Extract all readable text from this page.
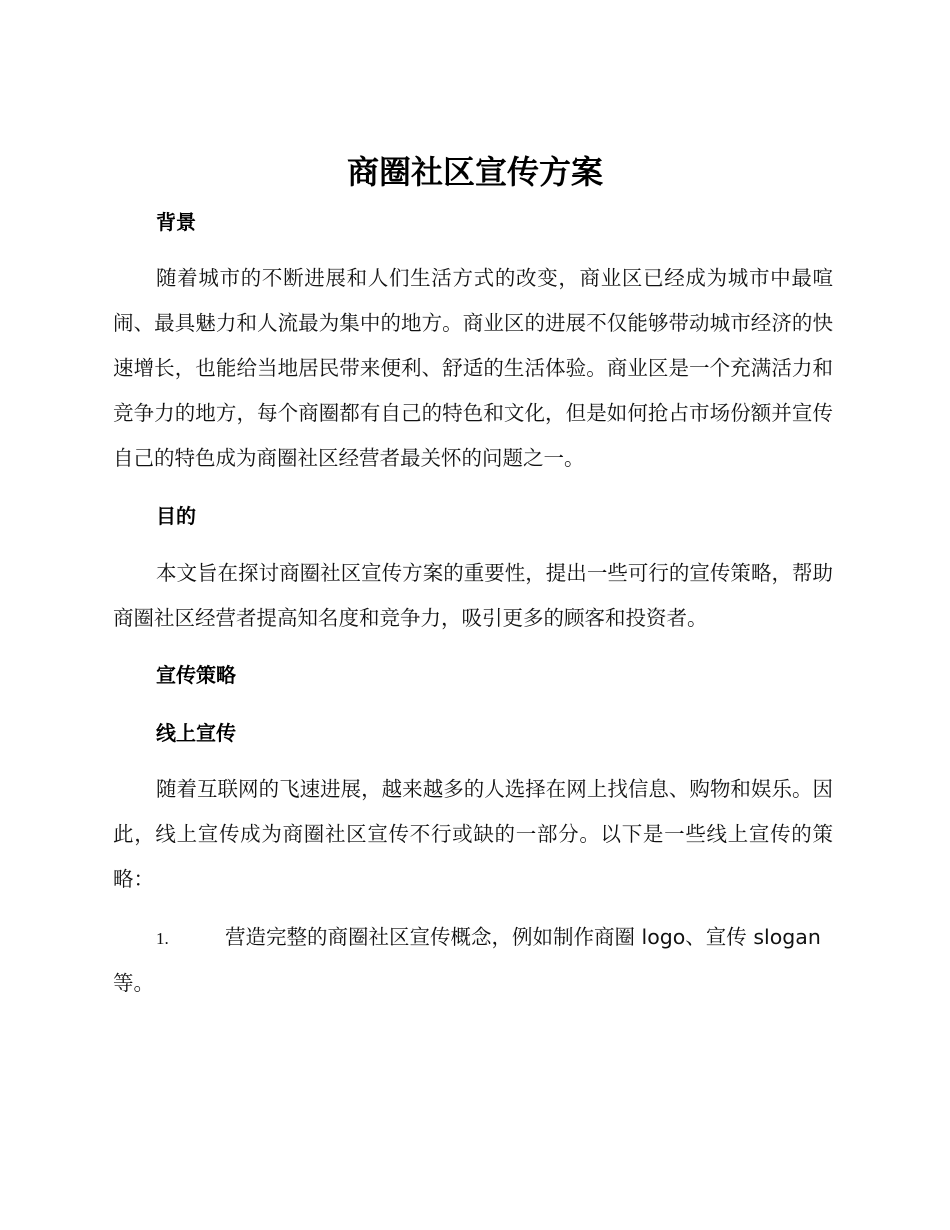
商圈社区宣传方案
背景

随着城市的不断进展和人们生活方式的改变，商业区已经成为城市中最喧闹、最具魅力和人流最为集中的地方。商业区的进展不仅能够带动城市经济的快速增长，也能给当地居民带来便利、舒适的生活体验。商业区是一个充满活力和竞争力的地方，每个商圈都有自己的特色和文化，但是如何抢占市场份额并宣传自己的特色成为商圈社区经营者最关怀的问题之一。

目的

本文旨在探讨商圈社区宣传方案的重要性，提出一些可行的宣传策略，帮助商圈社区经营者提高知名度和竞争力，吸引更多的顾客和投资者。

宣传策略
线上宣传

随着互联网的飞速进展，越来越多的人选择在网上找信息、购物和娱乐。因此，线上宣传成为商圈社区宣传不行或缺的一部分。以下是一些线上宣传的策略：

1.	营造完整的商圈社区宣传概念，例如制作商圈 logo、宣传 slogan 等。
